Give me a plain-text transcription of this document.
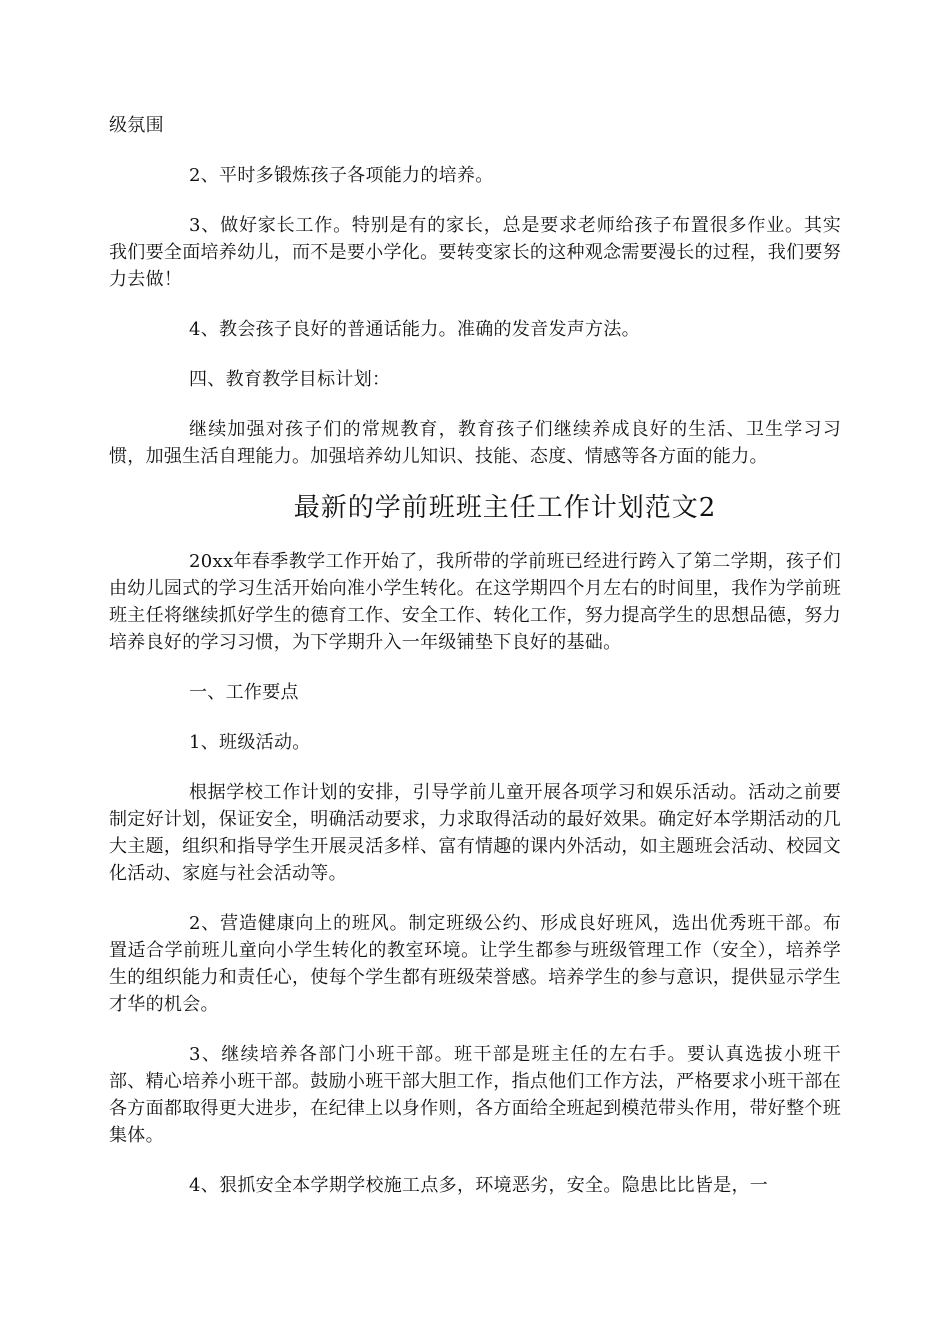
级氛围

2、平时多锻炼孩子各项能力的培养。

3、做好家长工作。特别是有的家长，总是要求老师给孩子布置很多作业。其实我们要全面培养幼儿，而不是要小学化。要转变家长的这种观念需要漫长的过程，我们要努力去做！

4、教会孩子良好的普通话能力。准确的发音发声方法。

四、教育教学目标计划：

继续加强对孩子们的常规教育，教育孩子们继续养成良好的生活、卫生学习习惯，加强生活自理能力。加强培养幼儿知识、技能、态度、情感等各方面的能力。

最新的学前班班主任工作计划范文2

20xx年春季教学工作开始了，我所带的学前班已经进行跨入了第二学期，孩子们由幼儿园式的学习生活开始向准小学生转化。在这学期四个月左右的时间里，我作为学前班班主任将继续抓好学生的德育工作、安全工作、转化工作，努力提高学生的思想品德，努力培养良好的学习习惯，为下学期升入一年级铺垫下良好的基础。

一、工作要点

1、班级活动。

根据学校工作计划的安排，引导学前儿童开展各项学习和娱乐活动。活动之前要制定好计划，保证安全，明确活动要求，力求取得活动的最好效果。确定好本学期活动的几大主题，组织和指导学生开展灵活多样、富有情趣的课内外活动，如主题班会活动、校园文化活动、家庭与社会活动等。

2、营造健康向上的班风。制定班级公约、形成良好班风，选出优秀班干部。布置适合学前班儿童向小学生转化的教室环境。让学生都参与班级管理工作（安全），培养学生的组织能力和责任心，使每个学生都有班级荣誉感。培养学生的参与意识，提供显示学生才华的机会。

3、继续培养各部门小班干部。班干部是班主任的左右手。要认真选拔小班干部、精心培养小班干部。鼓励小班干部大胆工作，指点他们工作方法，严格要求小班干部在各方面都取得更大进步，在纪律上以身作则，各方面给全班起到模范带头作用，带好整个班集体。

4、狠抓安全本学期学校施工点多，环境恶劣，安全。隐患比比皆是，一
